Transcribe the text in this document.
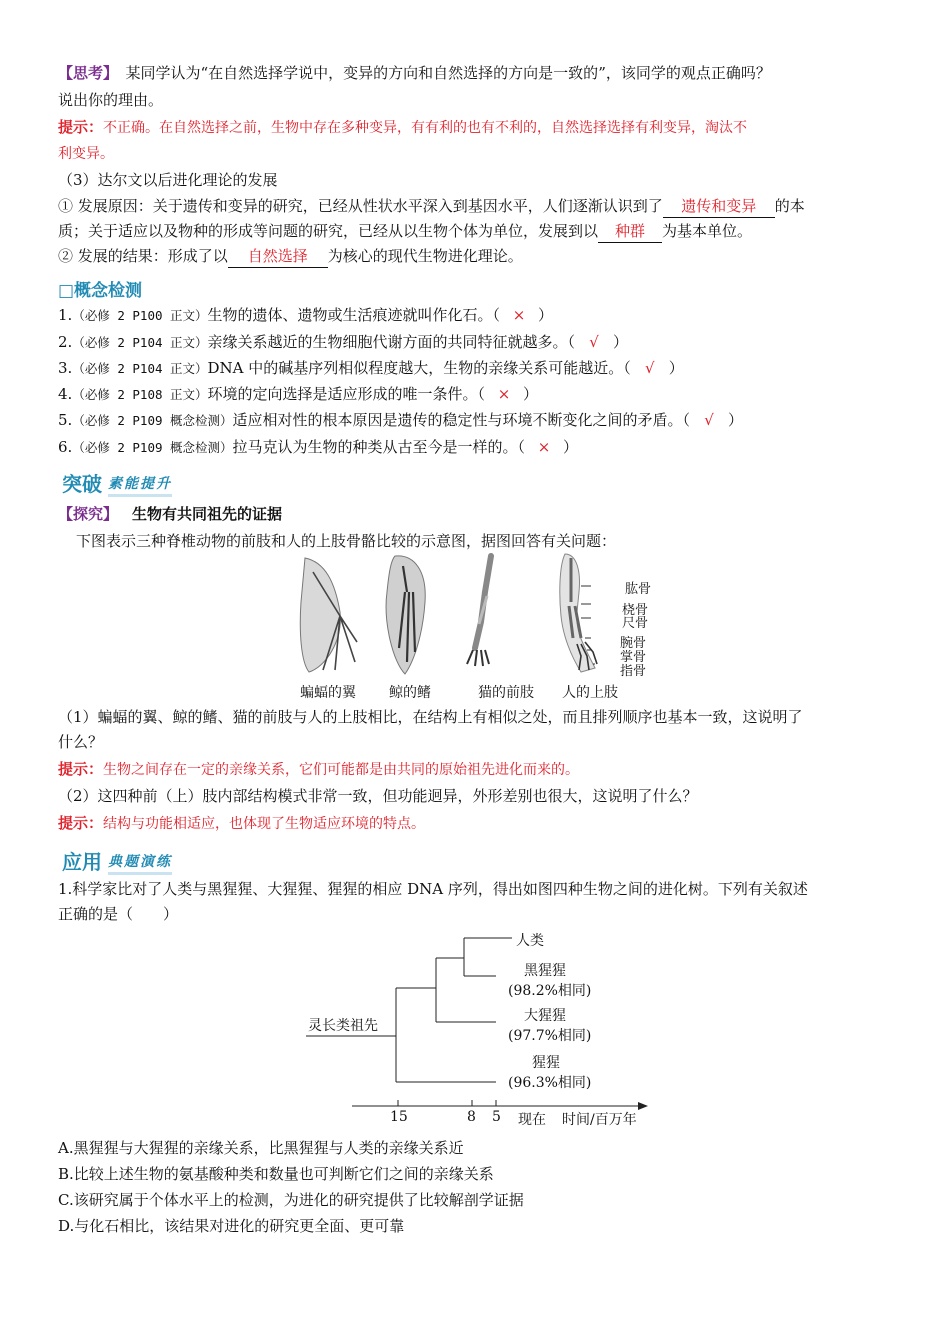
【思考】　某同学认为“在自然选择学说中，变异的方向和自然选择的方向是一致的”，该同学的观点正确吗？
说出你的理由。
提示：不正确。在自然选择之前，生物中存在多种变异，有有利的也有不利的，自然选择选择有利变异，淘汰不
利变异。
（3）达尔文以后进化理论的发展
① 发展原因：关于遗传和变异的研究，已经从性状水平深入到基因水平，人们逐渐认识到了 遗传和变异 的本
质；关于适应以及物种的形成等问题的研究，已经从以生物个体为单位，发展到以 种群 为基本单位。
② 发展的结果：形成了以 自然选择 为核心的现代生物进化理论。
□概念检测
1.（必修 2 P100 正文）生物的遗体、遗物或生活痕迹就叫作化石。（ × ）
2.（必修 2 P104 正文）亲缘关系越近的生物细胞代谢方面的共同特征就越多。（ √ ）
3.（必修 2 P104 正文）DNA 中的碱基序列相似程度越大，生物的亲缘关系可能越近。（ √ ）
4.（必修 2 P108 正文）环境的定向选择是适应形成的唯一条件。（ × ）
5.（必修 2 P109 概念检测）适应相对性的根本原因是遗传的稳定性与环境不断变化之间的矛盾。（ √ ）
6.（必修 2 P109 概念检测）拉马克认为生物的种类从古至今是一样的。（ × ）
突破 素能提升
【探究】 生物有共同祖先的证据
下图表示三种脊椎动物的前肢和人的上肢骨骼比较的示意图，据图回答有关问题：
肱骨
桡骨
尺骨
腕骨
掌骨
指骨
蝙蝠的翼 鲸的鳍	猫的前肢 人的上肢
（1）蝙蝠的翼、鲸的鳍、猫的前肢与人的上肢相比，在结构上有相似之处，而且排列顺序也基本一致，这说明了
什么？
提示：生物之间存在一定的亲缘关系，它们可能都是由共同的原始祖先进化而来的。
（2）这四种前（上）肢内部结构模式非常一致，但功能迥异，外形差别也很大，这说明了什么？
提示：结构与功能相适应，也体现了生物适应环境的特点。
应用 典题演练
1.科学家比对了人类与黑猩猩、大猩猩、猩猩的相应 DNA 序列，得出如图四种生物之间的进化树。下列有关叙述
正确的是（　　）
灵长类祖先
人类
黑猩猩
(98.2%相同)
大猩猩
(97.7%相同)
猩猩
(96.3%相同)
15	8 5 现在 时间/百万年
A.黑猩猩与大猩猩的亲缘关系，比黑猩猩与人类的亲缘关系近
B.比较上述生物的氨基酸种类和数量也可判断它们之间的亲缘关系
C.该研究属于个体水平上的检测，为进化的研究提供了比较解剖学证据
D.与化石相比，该结果对进化的研究更全面、更可靠
